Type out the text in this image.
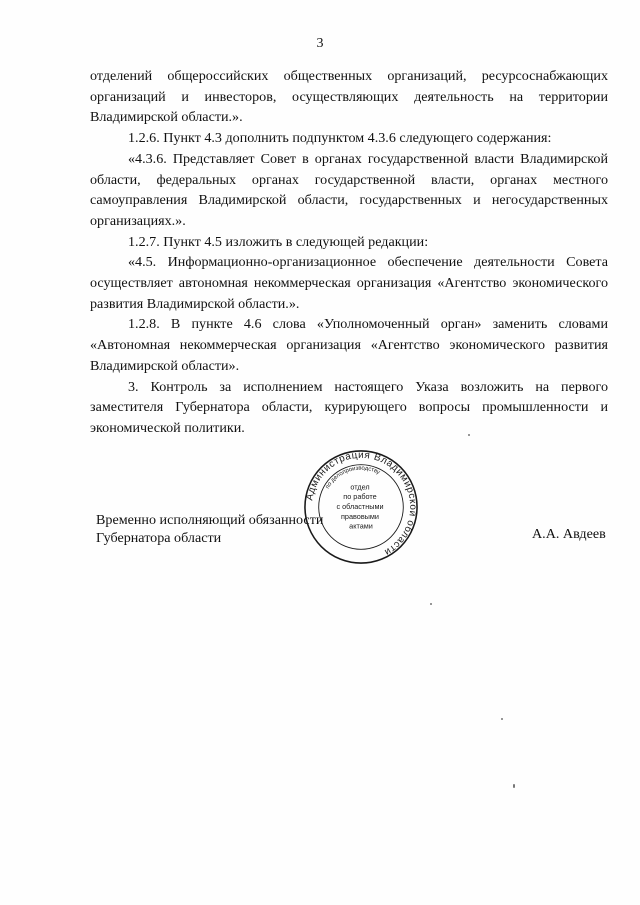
3

отделений общероссийских общественных организаций, ресурсоснабжающих организаций и инвесторов, осуществляющих деятельность на территории Владимирской области.».

1.2.6. Пункт 4.3 дополнить подпунктом 4.3.6 следующего содержания:

«4.3.6. Представляет Совет в органах государственной власти Владимирской области, федеральных органах государственной власти, органах местного самоуправления Владимирской области, государственных и негосударственных организациях.».

1.2.7. Пункт 4.5 изложить в следующей редакции:

«4.5. Информационно-организационное обеспечение деятельности Совета осуществляет автономная некоммерческая организация «Агентство экономического развития Владимирской области.».

1.2.8. В пункте 4.6 слова «Уполномоченный орган» заменить словами «Автономная некоммерческая организация «Агентство экономического развития Владимирской области».

3. Контроль за исполнением настоящего Указа возложить на первого заместителя Губернатора области, курирующего вопросы промышленности и экономической политики.

Временно исполняющий обязанности
Губернатора области	А.А. Авдеев
Администрация Владимирской области
по делопроизводству
отдел по работе с областными правовыми актами
